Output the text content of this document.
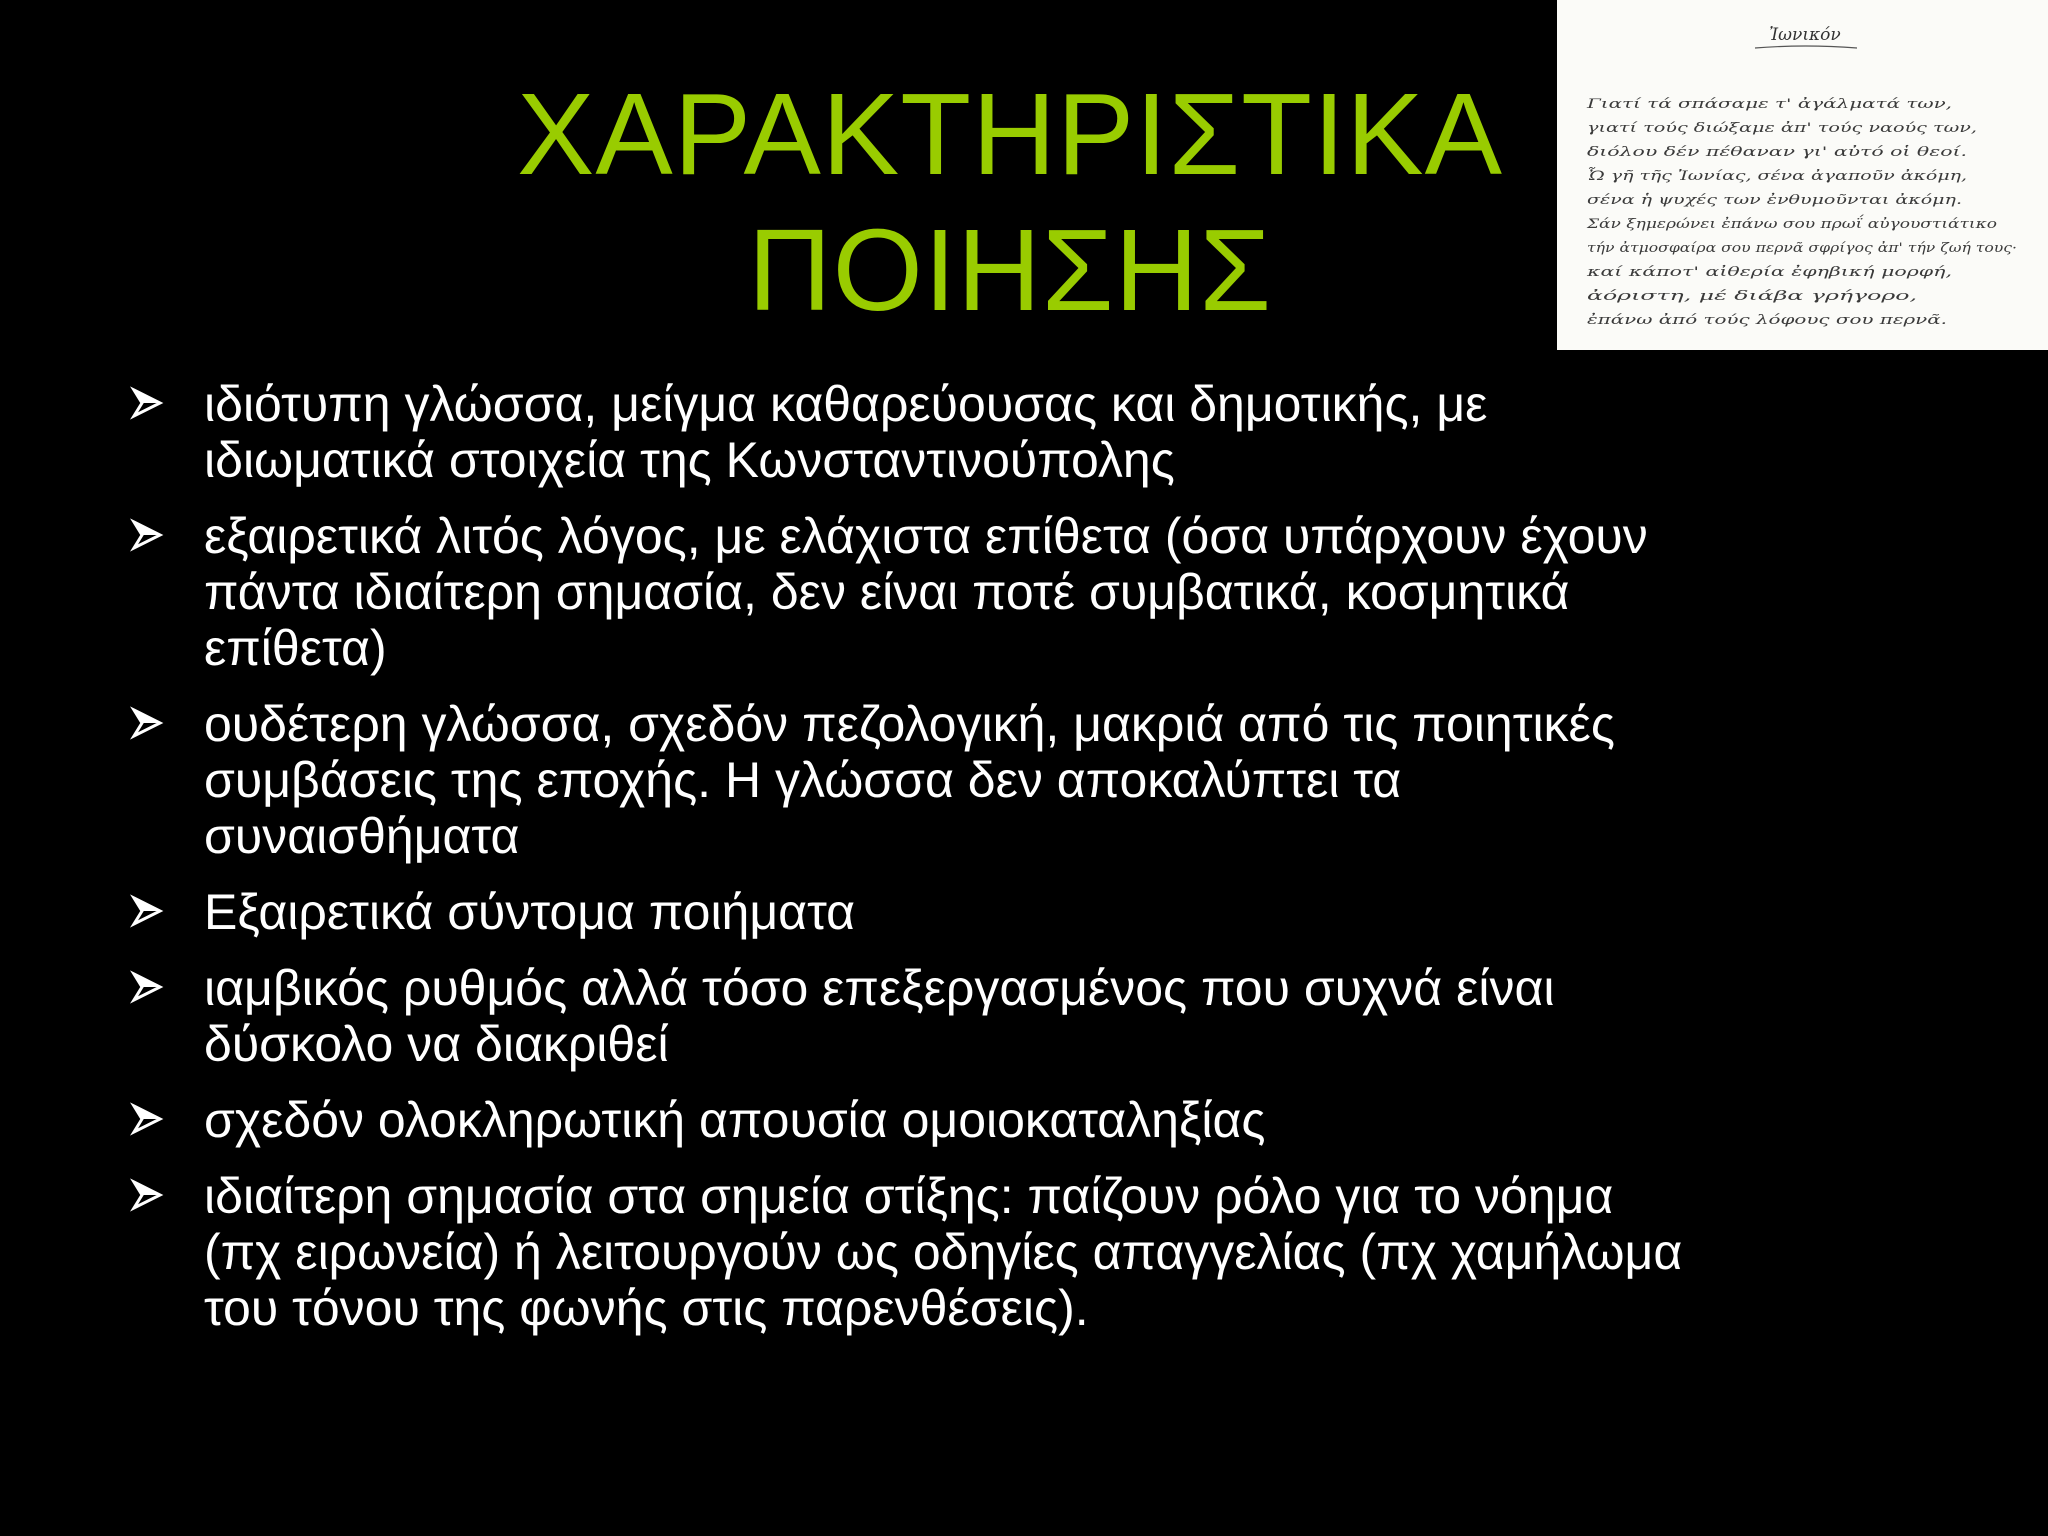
ΧΑΡΑΚΤΗΡΙΣΤΙΚΑ
ΠΟΙΗΣΗΣ
Ἰωνικόν
Γιατί τά σπάσαμε τ' ἀγάλματά των,
γιατί τούς διώξαμε ἀπ' τούς ναούς των,
διόλου δέν πέθαναν γι' αὐτό οἱ θεοί.
Ὦ γῆ τῆς Ἰωνίας, σένα ἀγαποῦν ἀκόμη,
σένα ἡ ψυχές των ἐνθυμοῦνται ἀκόμη.
Σάν ξημερώνει ἐπάνω σου πρωΐ αὐγουστιάτικο
τήν ἀτμοσφαίρα σου περνᾶ σφρίγος ἀπ' τήν ζωή τους·
καί κάποτ' αἰθερία ἐφηβική μορφή,
ἀόριστη, μέ διάβα γρήγορο,
ἐπάνω ἀπό τούς λόφους σου περνᾶ.
ιδιότυπη γλώσσα, μείγμα καθαρεύουσας και δημοτικής, με
ιδιωματικά στοιχεία της Κωνσταντινούπολης
εξαιρετικά λιτός λόγος, με ελάχιστα επίθετα (όσα υπάρχουν έχουν
πάντα ιδιαίτερη σημασία, δεν είναι ποτέ συμβατικά, κοσμητικά
επίθετα)
ουδέτερη γλώσσα, σχεδόν πεζολογική, μακριά από τις ποιητικές
συμβάσεις της εποχής. Η γλώσσα δεν αποκαλύπτει τα
συναισθήματα
Εξαιρετικά σύντομα ποιήματα
ιαμβικός ρυθμός αλλά τόσο επεξεργασμένος που συχνά είναι
δύσκολο να διακριθεί
σχεδόν ολοκληρωτική απουσία ομοιοκαταληξίας
ιδιαίτερη σημασία στα σημεία στίξης: παίζουν ρόλο για το νόημα
(πχ ειρωνεία) ή λειτουργούν ως οδηγίες απαγγελίας (πχ χαμήλωμα
του τόνου της φωνής στις παρενθέσεις).
